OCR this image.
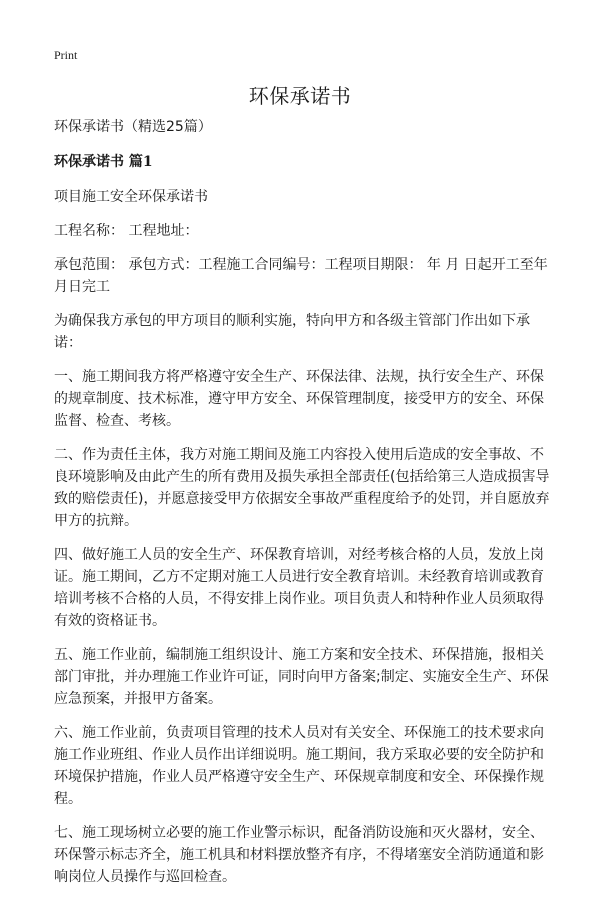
Print
环保承诺书

环保承诺书（精选25篇）

环保承诺书 篇1

项目施工安全环保承诺书

工程名称： 工程地址：

承包范围： 承包方式：工程施工合同编号：工程项目期限： 年 月 日起开工至年月日完工

为确保我方承包的甲方项目的顺利实施，特向甲方和各级主管部门作出如下承诺：

一、施工期间我方将严格遵守安全生产、环保法律、法规，执行安全生产、环保的规章制度、技术标准，遵守甲方安全、环保管理制度，接受甲方的安全、环保监督、检查、考核。

二、作为责任主体，我方对施工期间及施工内容投入使用后造成的安全事故、不良环境影响及由此产生的所有费用及损失承担全部责任(包括给第三人造成损害导致的赔偿责任)，并愿意接受甲方依据安全事故严重程度给予的处罚，并自愿放弃甲方的抗辩。

四、做好施工人员的安全生产、环保教育培训，对经考核合格的人员，发放上岗证。施工期间，乙方不定期对施工人员进行安全教育培训。未经教育培训或教育培训考核不合格的人员，不得安排上岗作业。项目负责人和特种作业人员须取得有效的资格证书。

五、施工作业前，编制施工组织设计、施工方案和安全技术、环保措施，报相关部门审批，并办理施工作业许可证，同时向甲方备案;制定、实施安全生产、环保应急预案，并报甲方备案。

六、施工作业前，负责项目管理的技术人员对有关安全、环保施工的技术要求向施工作业班组、作业人员作出详细说明。施工期间，我方采取必要的安全防护和环境保护措施，作业人员严格遵守安全生产、环保规章制度和安全、环保操作规程。

七、施工现场树立必要的施工作业警示标识，配备消防设施和灭火器材，安全、环保警示标志齐全，施工机具和材料摆放整齐有序，不得堵塞安全消防通道和影响岗位人员操作与巡回检查。
